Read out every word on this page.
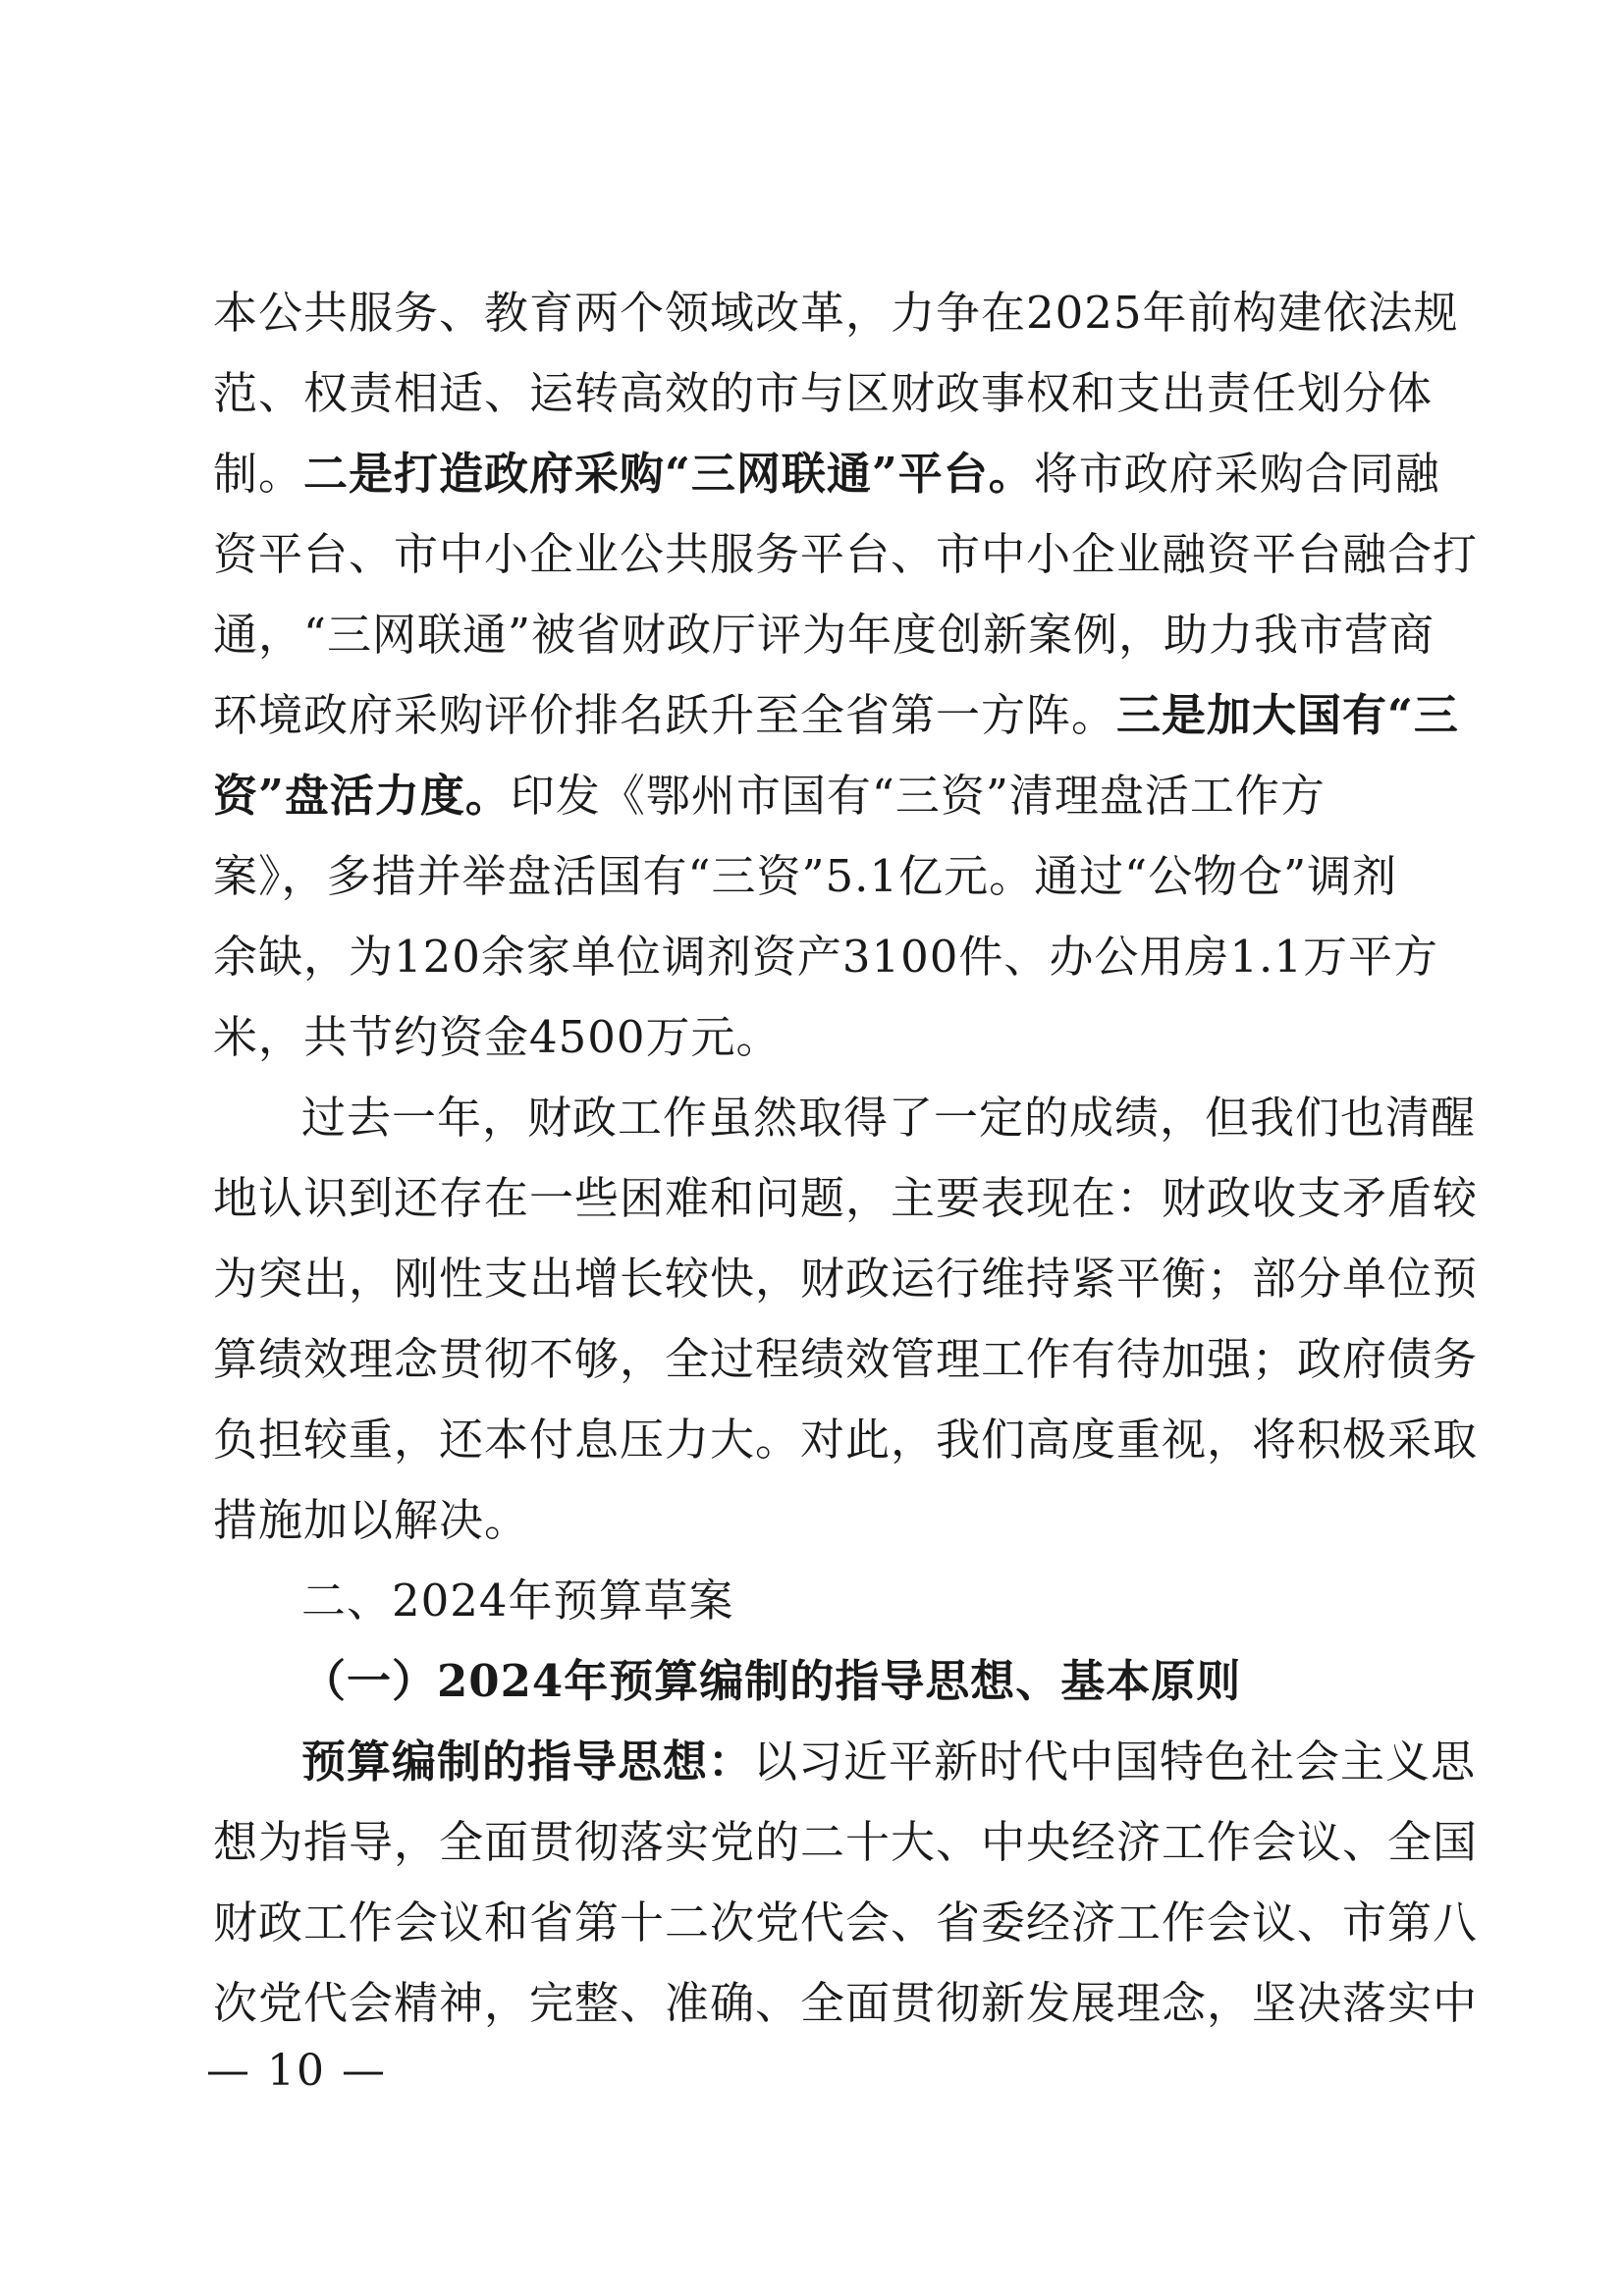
本公共服务、教育两个领域改革，力争在2025年前构建依法规
范、权责相适、运转高效的市与区财政事权和支出责任划分体
制。二是打造政府采购“三网联通”平台。将市政府采购合同融
资平台、市中小企业公共服务平台、市中小企业融资平台融合打
通，“三网联通”被省财政厅评为年度创新案例，助力我市营商
环境政府采购评价排名跃升至全省第一方阵。三是加大国有“三
资”盘活力度。印发《鄂州市国有“三资”清理盘活工作方
案》，多措并举盘活国有“三资”5.1亿元。通过“公物仓”调剂
余缺，为120余家单位调剂资产3100件、办公用房1.1万平方
米，共节约资金4500万元。
过去一年，财政工作虽然取得了一定的成绩，但我们也清醒
地认识到还存在一些困难和问题，主要表现在：财政收支矛盾较
为突出，刚性支出增长较快，财政运行维持紧平衡；部分单位预
算绩效理念贯彻不够，全过程绩效管理工作有待加强；政府债务
负担较重，还本付息压力大。对此，我们高度重视，将积极采取
措施加以解决。
二、2024年预算草案
（一）2024年预算编制的指导思想、基本原则
预算编制的指导思想：以习近平新时代中国特色社会主义思
想为指导，全面贯彻落实党的二十大、中央经济工作会议、全国
财政工作会议和省第十二次党代会、省委经济工作会议、市第八
次党代会精神，完整、准确、全面贯彻新发展理念，坚决落实中
— 10 —
